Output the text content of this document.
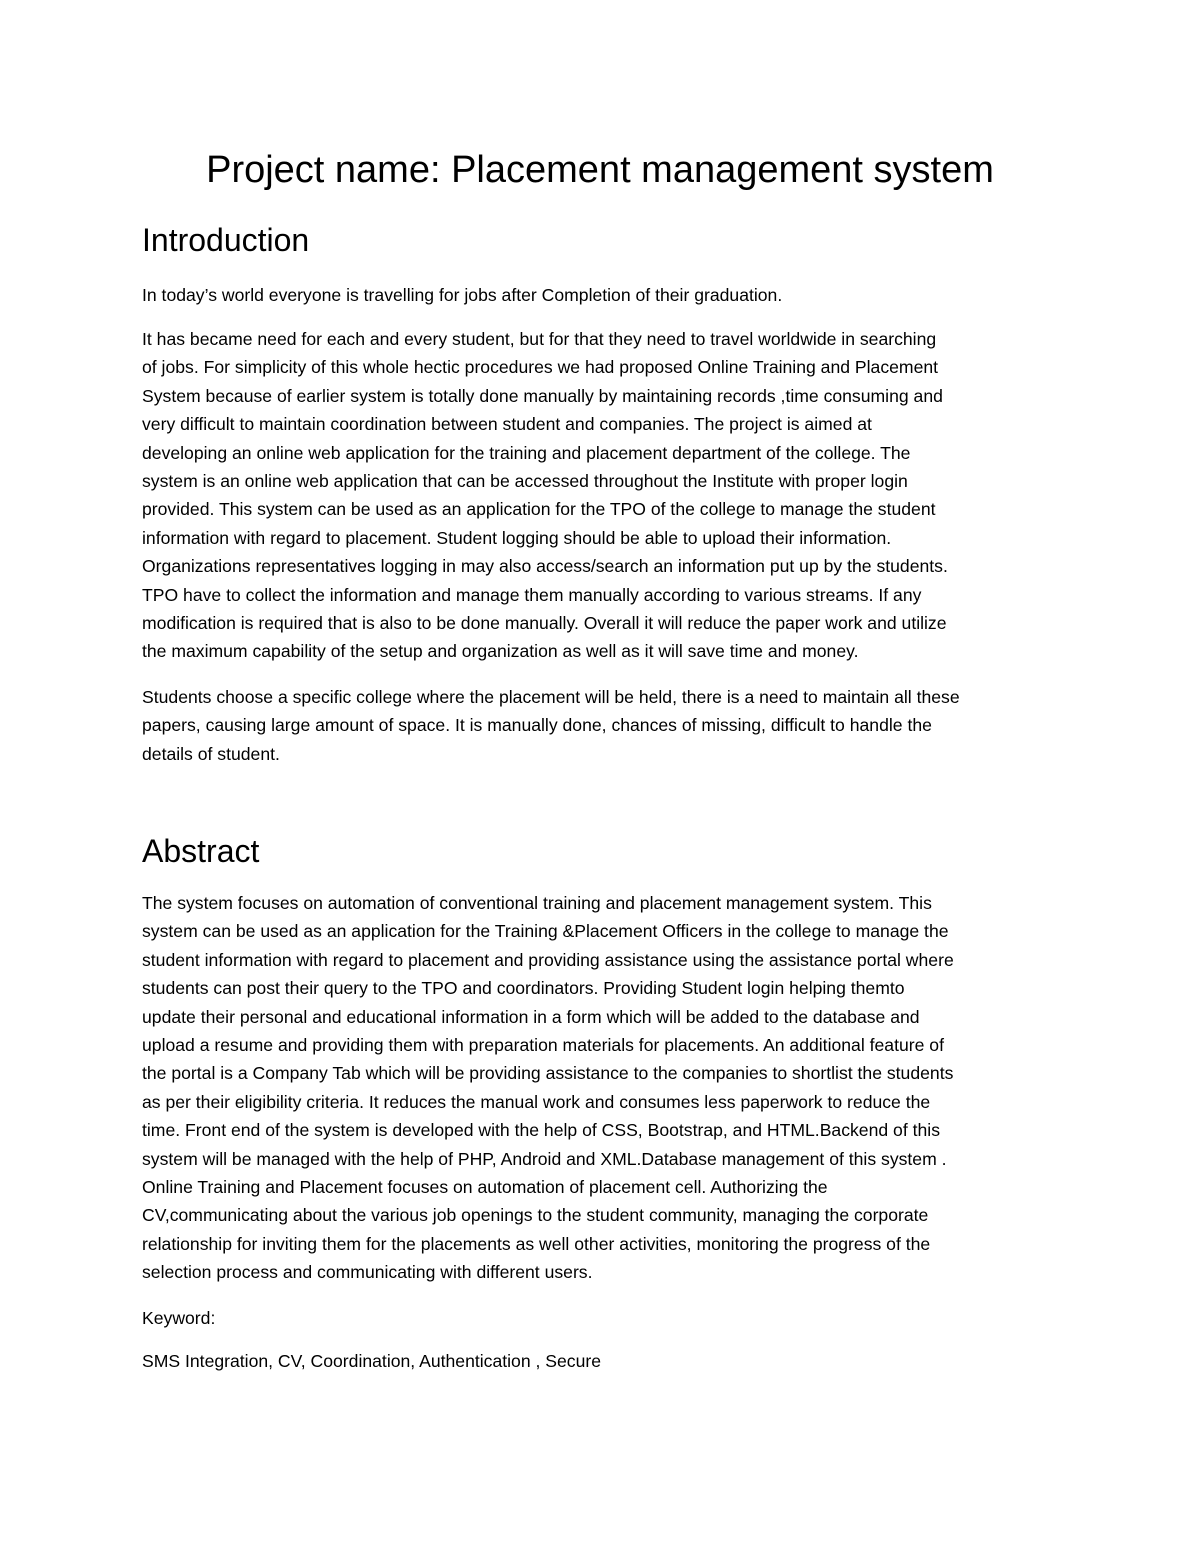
Project name: Placement management system
Introduction

In today’s world everyone is travelling for jobs after Completion of their graduation.

It has became need for each and every student, but for that they need to travel worldwide in searching
of jobs. For simplicity of this whole hectic procedures we had proposed Online Training and Placement
System because of earlier system is totally done manually by maintaining records ,time consuming and
very difficult to maintain coordination between student and companies. The project is aimed at
developing an online web application for the training and placement department of the college. The
system is an online web application that can be accessed throughout the Institute with proper login
provided. This system can be used as an application for the TPO of the college to manage the student
information with regard to placement. Student logging should be able to upload their information.
Organizations representatives logging in may also access/search an information put up by the students.
TPO have to collect the information and manage them manually according to various streams. If any
modification is required that is also to be done manually. Overall it will reduce the paper work and utilize
the maximum capability of the setup and organization as well as it will save time and money.

Students choose a specific college where the placement will be held, there is a need to maintain all these
papers, causing large amount of space. It is manually done, chances of missing, difficult to handle the
details of student.

Abstract

The system focuses on automation of conventional training and placement management system. This
system can be used as an application for the Training &Placement Officers in the college to manage the
student information with regard to placement and providing assistance using the assistance portal where
students can post their query to the TPO and coordinators. Providing Student login helping themto
update their personal and educational information in a form which will be added to the database and
upload a resume and providing them with preparation materials for placements. An additional feature of
the portal is a Company Tab which will be providing assistance to the companies to shortlist the students
as per their eligibility criteria. It reduces the manual work and consumes less paperwork to reduce the
time. Front end of the system is developed with the help of CSS, Bootstrap, and HTML.Backend of this
system will be managed with the help of PHP, Android and XML.Database management of this system .
Online Training and Placement focuses on automation of placement cell. Authorizing the
CV,communicating about the various job openings to the student community, managing the corporate
relationship for inviting them for the placements as well other activities, monitoring the progress of the
selection process and communicating with different users.

Keyword:

SMS Integration, CV, Coordination, Authentication , Secure
